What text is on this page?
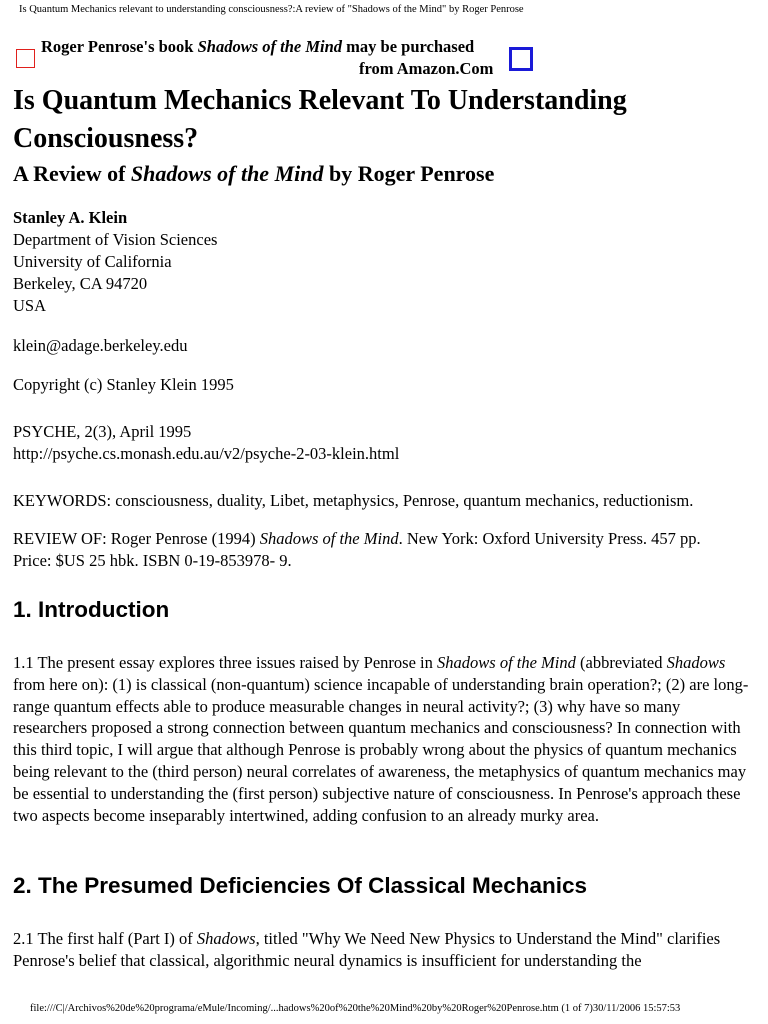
Is Quantum Mechanics relevant to understanding consciousness?:A review of "Shadows of the Mind" by Roger Penrose
Roger Penrose's book Shadows of the Mind may be purchased
from Amazon.Com
Is Quantum Mechanics Relevant To Understanding
Consciousness?
A Review of Shadows of the Mind by Roger Penrose
Stanley A. Klein
Department of Vision Sciences
University of California
Berkeley, CA 94720
USA
klein@adage.berkeley.edu
Copyright (c) Stanley Klein 1995
PSYCHE, 2(3), April 1995
http://psyche.cs.monash.edu.au/v2/psyche-2-03-klein.html
KEYWORDS: consciousness, duality, Libet, metaphysics, Penrose, quantum mechanics, reductionism.
REVIEW OF: Roger Penrose (1994) Shadows of the Mind. New York: Oxford University Press. 457 pp.
Price: $US 25 hbk. ISBN 0-19-853978- 9.
1. Introduction
1.1 The present essay explores three issues raised by Penrose in Shadows of the Mind (abbreviated Shadows from here on): (1) is classical (non-quantum) science incapable of understanding brain operation?; (2) are long-range quantum effects able to produce measurable changes in neural activity?; (3) why have so many researchers proposed a strong connection between quantum mechanics and consciousness? In connection with this third topic, I will argue that although Penrose is probably wrong about the physics of quantum mechanics being relevant to the (third person) neural correlates of awareness, the metaphysics of quantum mechanics may be essential to understanding the (first person) subjective nature of consciousness. In Penrose's approach these two aspects become inseparably intertwined, adding confusion to an already murky area.
2. The Presumed Deficiencies Of Classical Mechanics
2.1 The first half (Part I) of Shadows, titled "Why We Need New Physics to Understand the Mind" clarifies Penrose's belief that classical, algorithmic neural dynamics is insufficient for understanding the
file:///C|/Archivos%20de%20programa/eMule/Incoming/...hadows%20of%20the%20Mind%20by%20Roger%20Penrose.htm (1 of 7)30/11/2006 15:57:53
